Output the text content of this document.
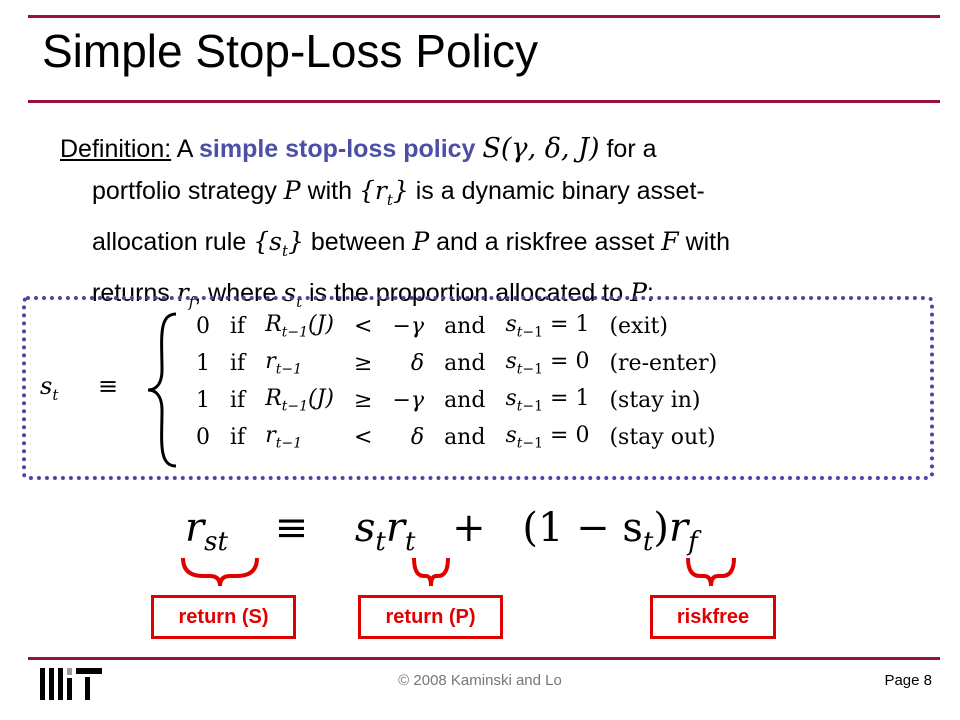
Simple Stop-Loss Policy
Definition: A simple stop-loss policy S(γ, δ, J) for a
portfolio strategy P with $\{r_t\}$ is a dynamic binary asset-
allocation rule $\{s_t\}$ between P and a riskfree asset F with
returns $r_f$, where $s_t$ is the proportion allocated to P:
$s_t$ ≡
0	if	$R_{t-1}(J)$	<	−γ	and	$s_{t-1} = 1$	(exit)
1	if	$r_{t-1}$	≥	δ	and	$s_{t-1} = 0$	(re-enter)
1	if	$R_{t-1}(J)$	≥	−γ	and	$s_{t-1} = 1$	(stay in)
0	if	$r_{t-1}$	<	δ	and	$s_{t-1} = 0$	(stay out)
$r_{st} \equiv s_tr_t + (1 - s_t)r_f$
return (S)	return (P)	riskfree
© 2008 Kaminski and Lo	Page 8
